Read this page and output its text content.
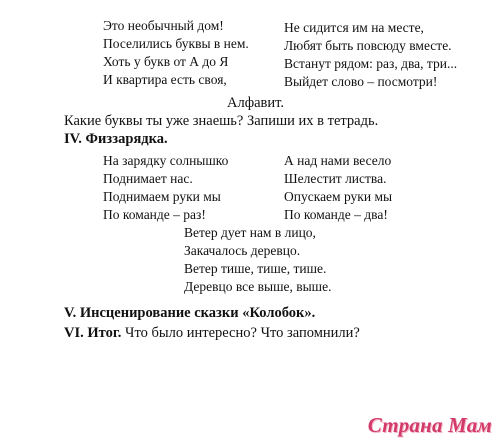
Это необычный дом!
Поселились буквы в нем.
Хоть у букв от А до Я
И квартира есть своя,
Не сидится им на месте,
Любят быть повсюду вместе.
Встанут рядом: раз, два, три...
Выйдет слово – посмотри!
Алфавит.
Какие буквы ты уже знаешь? Запиши их в тетрадь.
IV. Физзарядка.
На зарядку солнышко
Поднимает нас.
Поднимаем руки мы
По команде – раз!
А над нами весело
Шелестит листва.
Опускаем руки мы
По команде – два!
Ветер дует нам в лицо,
Закачалось деревцо.
Ветер тише, тише, тише.
Деревцо все выше, выше.
V. Инсценирование сказки «Колобок».
VI. Итог. Что было интересно? Что запомнили?
Страна Мам
